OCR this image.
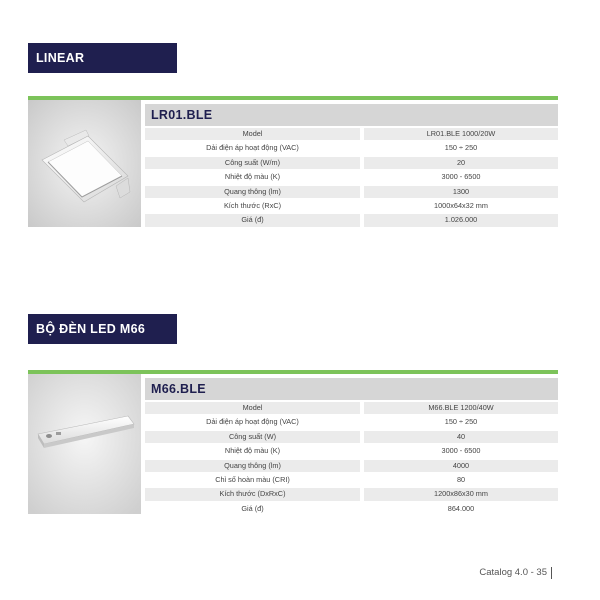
LINEAR
LR01.BLE
Model		LR01.BLE 1000/20W
Dải điện áp hoạt động (VAC)		150 ÷ 250
Công suất (W/m)		20
Nhiệt độ màu (K)		3000 - 6500
Quang thông (lm)		1300
Kích thước (RxC)		1000x64x32 mm
Giá (đ)		1.026.000
BỘ ĐÈN LED M66
M66.BLE
Model		M66.BLE 1200/40W
Dải điện áp hoạt động (VAC)		150 ÷ 250
Công suất (W)		40
Nhiệt độ màu (K)		3000 - 6500
Quang thông (lm)		4000
Chỉ số hoàn màu (CRI)		80
Kích thước (DxRxC)		1200x86x30 mm
Giá (đ)		864.000
Catalog 4.0 - 35
